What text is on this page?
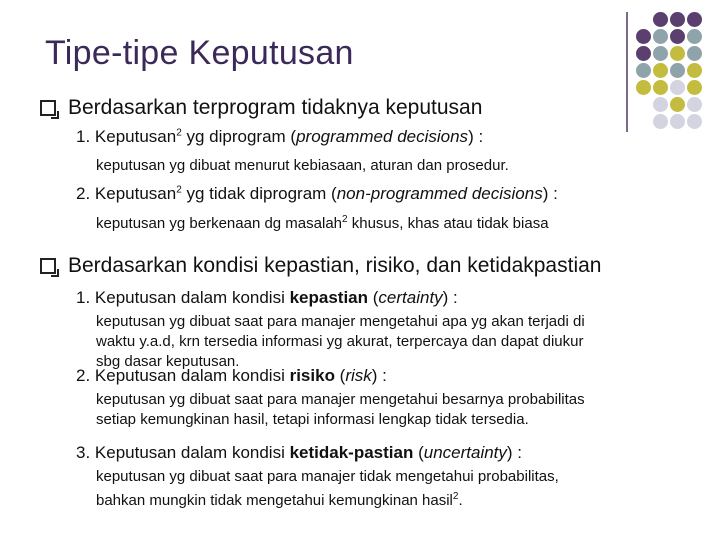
Tipe-tipe Keputusan
Berdasarkan terprogram tidaknya keputusan
1. Keputusan$^2$ yg diprogram (programmed decisions) :
keputusan yg dibuat menurut kebiasaan, aturan dan prosedur.
2. Keputusan$^2$ yg tidak diprogram (non-programmed decisions) :
keputusan yg berkenaan dg masalah$^2$ khusus, khas atau tidak biasa
Berdasarkan kondisi kepastian, risiko, dan ketidakpastian
1. Keputusan dalam kondisi kepastian (certainty) :
keputusan yg dibuat saat para manajer mengetahui apa yg akan terjadi di
waktu y.a.d, krn tersedia informasi yg akurat, terpercaya dan dapat diukur
sbg dasar keputusan.
2. Keputusan dalam kondisi risiko (risk) :
keputusan yg dibuat saat para manajer mengetahui besarnya probabilitas
setiap kemungkinan hasil, tetapi informasi lengkap tidak tersedia.
3. Keputusan dalam kondisi ketidak-pastian (uncertainty) :
keputusan yg dibuat saat para manajer tidak mengetahui probabilitas,
bahkan mungkin tidak mengetahui kemungkinan hasil$^2$.
